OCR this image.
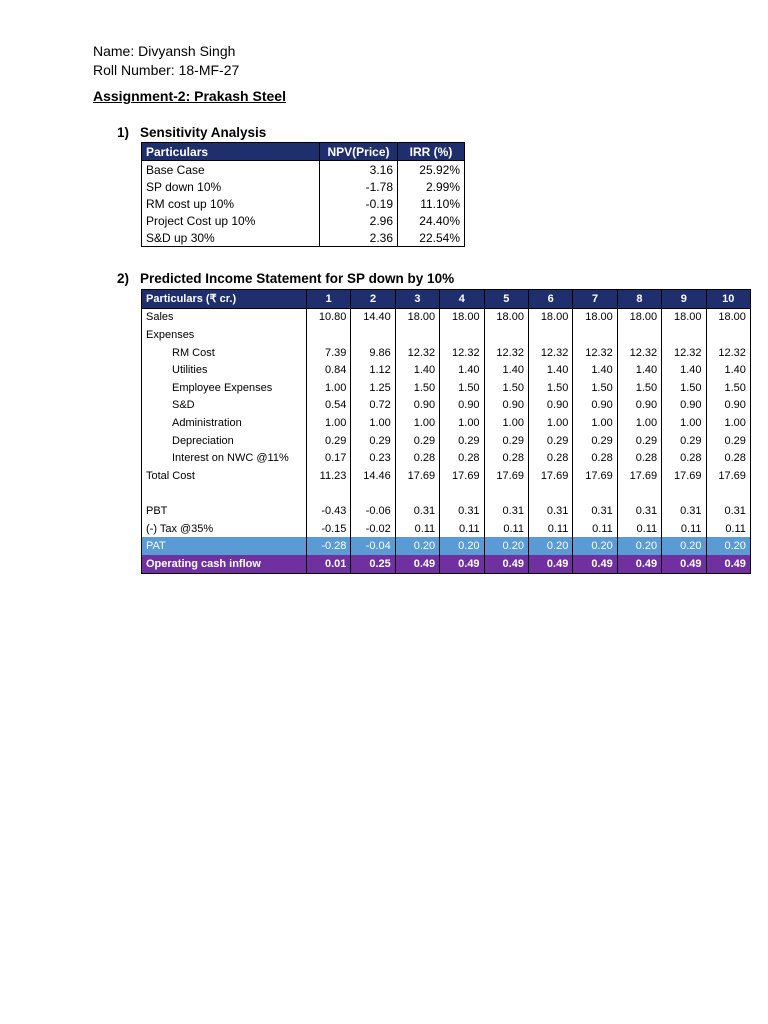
Name: Divyansh Singh
Roll Number: 18-MF-27
Assignment-2: Prakash Steel
1) Sensitivity Analysis
Particulars	NPV(Price)	IRR (%)
Base Case	3.16	25.92%
SP down 10%	-1.78	2.99%
RM cost up 10%	-0.19	11.10%
Project Cost up 10%	2.96	24.40%
S&D up 30%	2.36	22.54%
2) Predicted Income Statement for SP down by 10%
Particulars (₹ cr.)	1	2	3	4	5	6	7	8	9	10
Sales	10.80	14.40	18.00	18.00	18.00	18.00	18.00	18.00	18.00	18.00
Expenses										
RM Cost	7.39	9.86	12.32	12.32	12.32	12.32	12.32	12.32	12.32	12.32
Utilities	0.84	1.12	1.40	1.40	1.40	1.40	1.40	1.40	1.40	1.40
Employee Expenses	1.00	1.25	1.50	1.50	1.50	1.50	1.50	1.50	1.50	1.50
S&D	0.54	0.72	0.90	0.90	0.90	0.90	0.90	0.90	0.90	0.90
Administration	1.00	1.00	1.00	1.00	1.00	1.00	1.00	1.00	1.00	1.00
Depreciation	0.29	0.29	0.29	0.29	0.29	0.29	0.29	0.29	0.29	0.29
Interest on NWC @11%	0.17	0.23	0.28	0.28	0.28	0.28	0.28	0.28	0.28	0.28
Total Cost	11.23	14.46	17.69	17.69	17.69	17.69	17.69	17.69	17.69	17.69

PBT	-0.43	-0.06	0.31	0.31	0.31	0.31	0.31	0.31	0.31	0.31
(-) Tax @35%	-0.15	-0.02	0.11	0.11	0.11	0.11	0.11	0.11	0.11	0.11
PAT	-0.28	-0.04	0.20	0.20	0.20	0.20	0.20	0.20	0.20	0.20
Operating cash inflow	0.01	0.25	0.49	0.49	0.49	0.49	0.49	0.49	0.49	0.49
